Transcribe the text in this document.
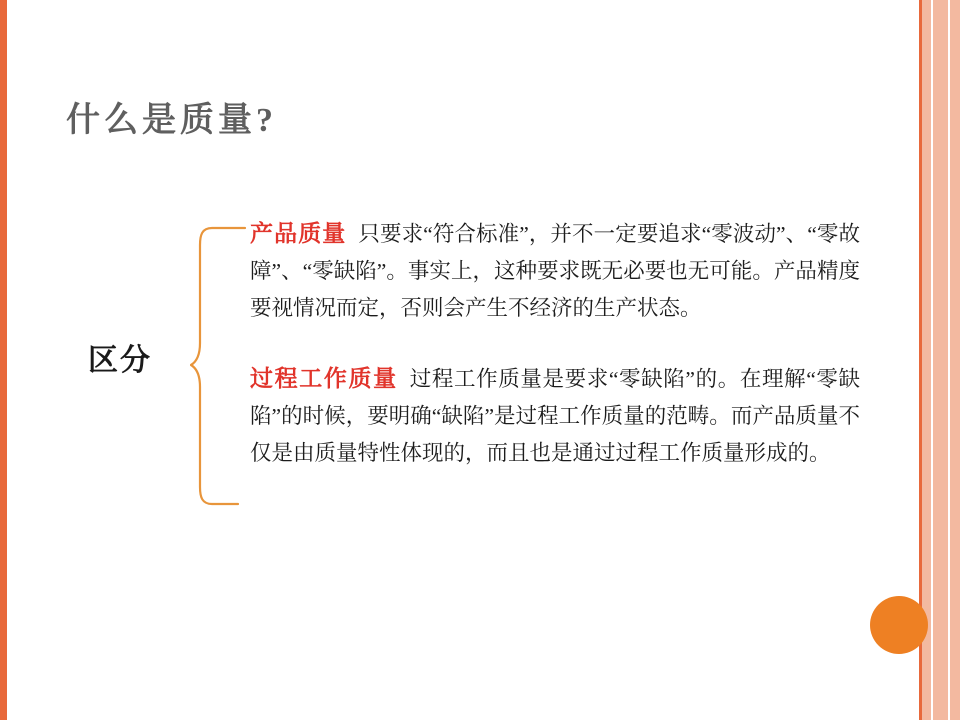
什么是质量?
区分
产品质量 只要求“符合标准”，并不一定要追求“零波动”、“零故障”、“零缺陷”。事实上，这种要求既无必要也无可能。产品精度要视情况而定，否则会产生不经济的生产状态。
过程工作质量 过程工作质量是要求“零缺陷”的。在理解“零缺陷”的时候，要明确“缺陷”是过程工作质量的范畴。而产品质量不仅是由质量特性体现的，而且也是通过过程工作质量形成的。
